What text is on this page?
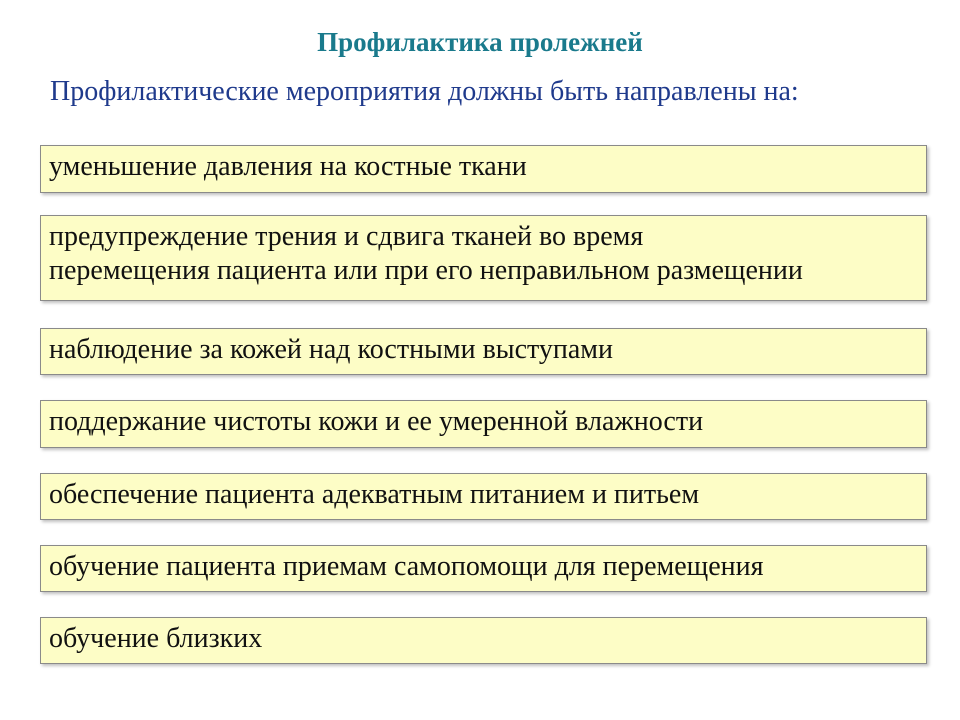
Профилактика пролежней
Профилактические мероприятия должны быть направлены на:
уменьшение давления на костные ткани
предупреждение трения и сдвига тканей во время
перемещения пациента или при его неправильном размещении
наблюдение за кожей над костными выступами
поддержание чистоты кожи и ее умеренной влажности
обеспечение пациента адекватным питанием и питьем
обучение пациента приемам самопомощи для перемещения
обучение близких
